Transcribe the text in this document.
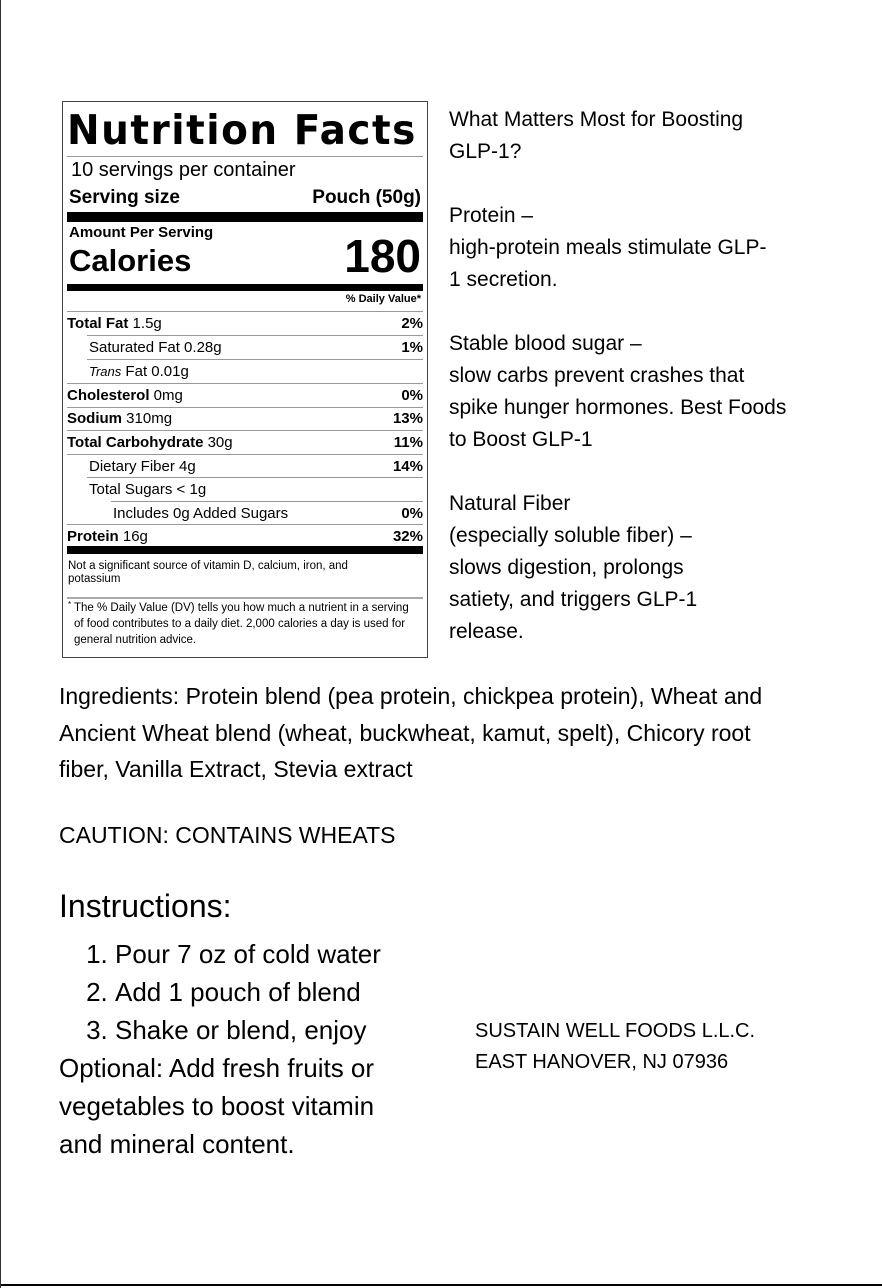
Nutrition Facts
10 servings per container
Serving size	Pouch (50g)
Amount Per Serving
Calories	180
% Daily Value*
Total Fat 1.5g	2%
Saturated Fat 0.28g	1%
Trans Fat 0.01g
Cholesterol 0mg	0%
Sodium 310mg	13%
Total Carbohydrate 30g	11%
Dietary Fiber 4g	14%
Total Sugars < 1g
Includes 0g Added Sugars	0%
Protein 16g	32%
Not a significant source of vitamin D, calcium, iron, and potassium
* The % Daily Value (DV) tells you how much a nutrient in a serving of food contributes to a daily diet. 2,000 calories a day is used for general nutrition advice.

What Matters Most for Boosting GLP-1?

Protein –

high-protein meals stimulate GLP-1 secretion.

Stable blood sugar –

slow carbs prevent crashes that spike hunger hormones. Best Foods to Boost GLP-1

Natural Fiber

(especially soluble fiber) – slows digestion, prolongs satiety, and triggers GLP-1 release.

Ingredients: Protein blend (pea protein, chickpea protein), Wheat and Ancient Wheat blend (wheat, buckwheat, kamut, spelt), Chicory root fiber, Vanilla Extract, Stevia extract
CAUTION: CONTAINS WHEATS
Instructions:
1. Pour 7 oz of cold water
2. Add 1 pouch of blend
3. Shake or blend, enjoy
Optional: Add fresh fruits or vegetables to boost vitamin and mineral content.
SUSTAIN WELL FOODS L.L.C.
EAST HANOVER, NJ 07936
